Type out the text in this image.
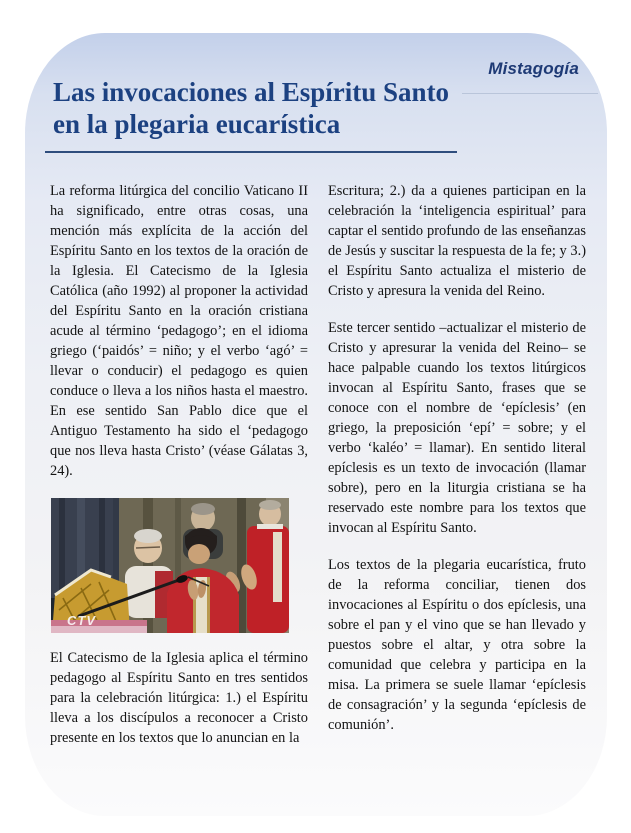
Mistagogía
Las invocaciones al Espíritu Santo en la plegaria eucarística

La reforma litúrgica del concilio Vaticano II ha significado, entre otras cosas, una mención más explícita de la acción del Espíritu Santo en los textos de la oración de la Iglesia. El Catecismo de la Iglesia Católica (año 1992) al proponer la actividad del Espíritu Santo en la oración cristiana acude al término ‘pedagogo’; en el idioma griego (‘paidós’ = niño; y el verbo ‘agó’ = llevar o conducir) el pedagogo es quien conduce o lleva a los niños hasta el maestro. En ese sentido San Pablo dice que el Antiguo Testamento ha sido el ‘pedagogo que nos lleva hasta Cristo’ (véase Gálatas 3, 24).

CTV

El Catecismo de la Iglesia aplica el término pedagogo al Espíritu Santo en tres sentidos para la celebración litúrgica: 1.) el Espíritu lleva a los discípulos a reconocer a Cristo presente en los textos que lo anuncian en la

Escritura; 2.) da a quienes participan en la celebración la ‘inteligencia espiritual’ para captar el sentido profundo de las enseñanzas de Jesús y suscitar la respuesta de la fe; y 3.) el Espíritu Santo actualiza el misterio de Cristo y apresura la venida del Reino.

Este tercer sentido –actualizar el misterio de Cristo y apresurar la venida del Reino– se hace palpable cuando los textos litúrgicos invocan al Espíritu Santo, frases que se conoce con el nombre de ‘epíclesis’ (en griego, la preposición ‘epí’ = sobre; y el verbo ‘kaléo’ = llamar). En sentido literal epíclesis es un texto de invocación (llamar sobre), pero en la liturgia cristiana se ha reservado este nombre para los textos que invocan al Espíritu Santo.

Los textos de la plegaria eucarística, fruto de la reforma conciliar, tienen dos invocaciones al Espíritu o dos epíclesis, una sobre el pan y el vino que se han llevado y puestos sobre el altar, y otra sobre la comunidad que celebra y participa en la misa. La primera se suele llamar ‘epíclesis de consagración’ y la segunda ‘epíclesis de comunión’.
